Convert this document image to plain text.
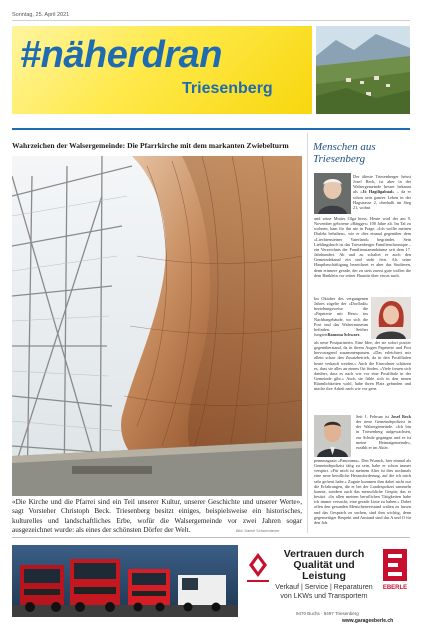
Sonntag, 25. April 2021
#näherdran
Triesenberg
Wahrzeichen der Walsergemeinde: Die Pfarrkirche mit dem markanten Zwiebelturm
«Die Kirche und die Pfarrei sind ein Teil unserer Kultur, unserer Geschichte und unserer Werte», sagt Vorsteher Christoph Beck. Triesenberg besitzt einiges, beispielsweise ein historisches, kulturelles und landschaftliches Erbe, wofür die Walsergemeinde vor zwei Jahren sogar ausgezeichnet wurde: als eines der schönsten Dörfer der Welt.	Bild: Daniel Schwendener
Menschen aus Triesenberg
Der älteste Triesenberger heisst Josef Beck, ist aber in der Walsergemeinde besser bekannt als «Jö Hagiligabual» – da er schon sein ganzes Leben in der Hagstrasse 2, oberhalb im Steg 21, wohnt
und seine Mutter Olga hiess. Heute wird der am 9. November geborene «Bärgger» 100 Jahre alt. Im Tal zu wohnen, kam für ihn nie in Frage. «Ich wollte meinen Dialekt behalten», wie er dies einmal gegenüber dem «Liechtensteiner Vaterland» begründet. Sein Lieblingsbuch ist das Triesenberger Familienchronique – ein Verzeichnis der Familienstammbäume seit dem 17. Jahrhundert. Ab und zu schaltet er auch den Gemeindekanal ein und sieht fern. Als seine Hauptbeschäftigung bezeichnet er aber das Studieren, denn erinnere gerade, der zu stets zuerst gute wollen die dem Bänklein vor seiner Haustür über etwas nach.
Im Oktober des vergangenen Jahres zügelte der «Dorfladä» beziehungsweise die «Papeterie mit Herz» ins Nachbargebäude, wo sich die Post und das Walsermuseum befinden. Seither fungiertRamona Schwarz
als neue Postpartnerin. Eine Idee, der sie sofort positiv gegenüberstand, da in ihrem Augen Papeterie und Post hervorragend zusammenpassen. «Das erleichtert mir allein schon den Zusatzbetrieb, da in den Postfilialen heute verkauft werden.» Auch die Einwohner schätzen es, dass sie alles an einem Ort finden. «Viele freuen sich darüber, dass es nach wie vor eine Postfiliale in der Gemeinde gibt.» Auch sie fühle sich in den neuen Räumlichkeiten wohl, habe ihren Platz gefunden und mache ihre Arbeit nach wie vor gern.
Seit 1. Februar ist Josef Beck der neue Gemeindepolizist in der Walsergemeinde. «Ich bin in Triesenberg aufgewachsen, zur Schule gegangen und es ist meine Heimatgemeinde», erzählt er im Aktiv.
pennmagazin «Panorama». Den Wunsch, hier einmal als Gemeindepolizist tätig zu sein, habe er schon immer verspürt. «Für mich ist meinem Alter ist dies nochmals eine neue berufliche Herausforderung, auf die ich mich sehr gefreut habe.» Zugute kommen ihm dabei nicht nur die Erfahrungen, die er bei der Landespolizei sammeln konnte, sondern auch das menschliche Gespür, das er besitzt. «In allen meinen beruflichen Tätigkeiten habe ich immer versucht, eine gerade Linie zu haben.» Dabei offen den gesunden Menschenverstand walten zu lassen und das Gespräch zu suchen, sind ihm wichtig, denn gegenseitiger Respekt und Anstand sind das A und O für den Job.
Vertrauen durch Qualität und Leistung
Verkauf | Service | Reparaturen von LKWs und Transportern
EBERLE
9470 Buchs · 9497 Triesenberg
www.garageeberle.ch
